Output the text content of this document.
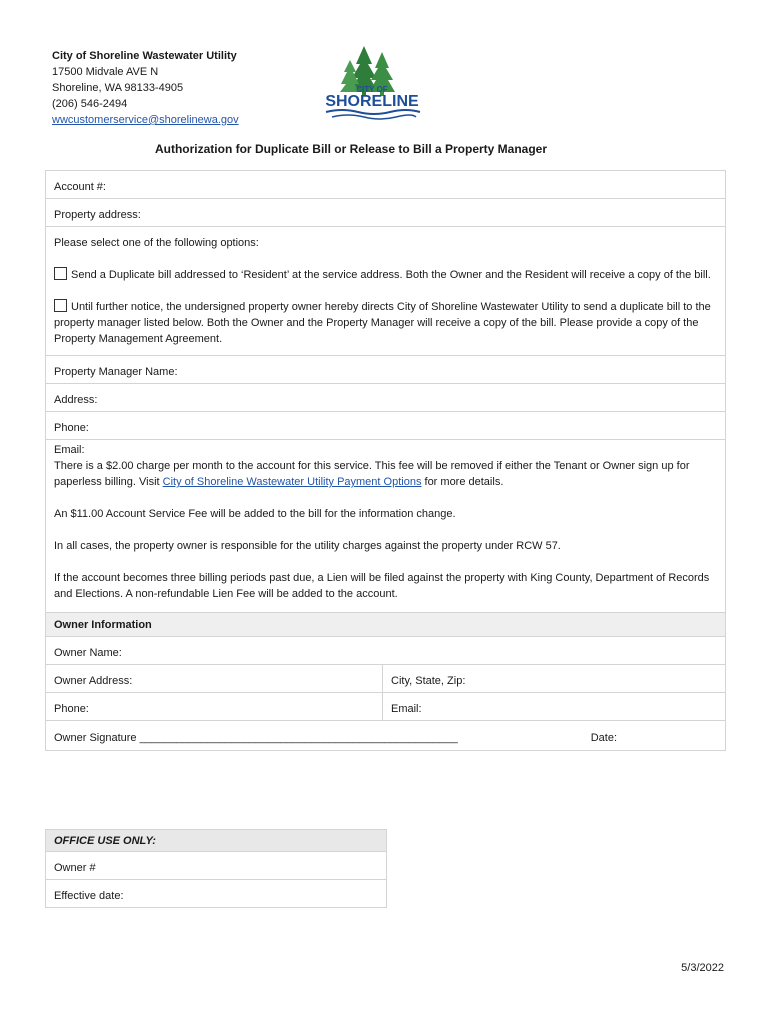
City of Shoreline Wastewater Utility
17500 Midvale AVE N
Shoreline, WA 98133-4905
(206) 546-2494
wwcustomerservice@shorelinewa.gov
CITY OF
SHORELINE
Authorization for Duplicate Bill or Release to Bill a Property Manager
Account #:
Property address:

Please select one of the following options:

Send a Duplicate bill addressed to ‘Resident’ at the service address. Both the Owner and the Resident will receive a copy of the bill.

Until further notice, the undersigned property owner hereby directs City of Shoreline Wastewater Utility to send a duplicate bill to the property manager listed below. Both the Owner and the Property Manager will receive a copy of the bill. Please provide a copy of the Property Management Agreement.

Property Manager Name:
Address:
Phone:
Email:

There is a $2.00 charge per month to the account for this service. This fee will be removed if either the Tenant or Owner sign up for paperless billing. Visit City of Shoreline Wastewater Utility Payment Options for more details.

An $11.00 Account Service Fee will be added to the bill for the information change.

In all cases, the property owner is responsible for the utility charges against the property under RCW 57.

If the account becomes three billing periods past due, a Lien will be filed against the property with King County, Department of Records and Elections. A non-refundable Lien Fee will be added to the account.

Owner Information
Owner Name:
Owner Address:	City, State, Zip:
Phone:	Email:
Owner Signature ____________________________________________________	Date:
OFFICE USE ONLY:
Owner #
Effective date:
5/3/2022
